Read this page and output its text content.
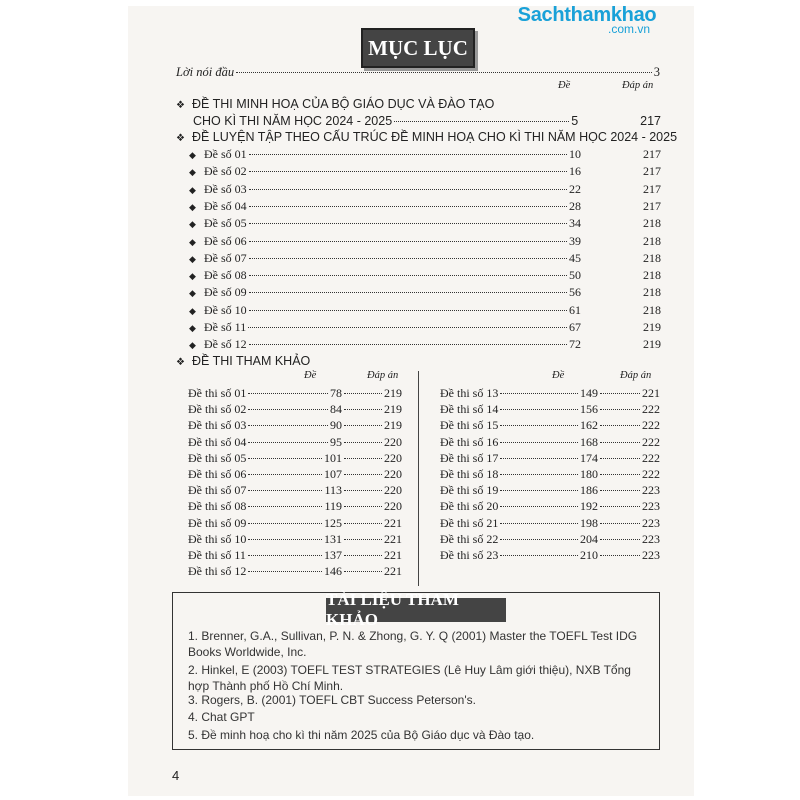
Sachthamkhao
.com.vn
MỤC LỤC
Lời nói đầu	3
Đề	Đáp án
❖ ĐỀ THI MINH HOẠ CỦA BỘ GIÁO DỤC VÀ ĐÀO TẠO
CHO KÌ THI NĂM HỌC 2024 - 2025	5	217
❖ ĐỀ LUYỆN TẬP THEO CẤU TRÚC ĐỀ MINH HOẠ CHO KÌ THI NĂM HỌC 2024 - 2025
Đề số 01	10	217
◆
Đề số 02	16	217
◆
Đề số 03	22	217
◆
Đề số 04	28	217
◆
Đề số 05	34	218
◆
Đề số 06	39	218
◆
Đề số 07	45	218
◆
Đề số 08	50	218
◆
Đề số 09	56	218
◆
Đề số 10	61	218
◆
Đề số 11	67	219
◆
Đề số 12	72	219
◆
❖ ĐỀ THI THAM KHẢO
Đề	Đáp án	Đề	Đáp án
Đề thi số 01	78	219
Đề thi số 02	84	219
Đề thi số 03	90	219
Đề thi số 04	95	220
Đề thi số 05	101	220
Đề thi số 06	107	220
Đề thi số 07	113	220
Đề thi số 08	119	220
Đề thi số 09	125	221
Đề thi số 10	131	221
Đề thi số 11	137	221
Đề thi số 12	146	221
Đề thi số 13	149	221
Đề thi số 14	156	222
Đề thi số 15	162	222
Đề thi số 16	168	222
Đề thi số 17	174	222
Đề thi số 18	180	222
Đề thi số 19	186	223
Đề thi số 20	192	223
Đề thi số 21	198	223
Đề thi số 22	204	223
Đề thi số 23	210	223
TÀI LIỆU THAM KHẢO
1. Brenner, G.A., Sullivan, P. N. & Zhong, G. Y. Q (2001) Master the TOEFL Test IDG Books Worldwide, Inc.
2. Hinkel, E (2003) TOEFL TEST STRATEGIES (Lê Huy Lâm giới thiệu), NXB Tổng hợp Thành phố Hồ Chí Minh.
3. Rogers, B. (2001) TOEFL CBT Success Peterson's.
4. Chat GPT
5. Đề minh hoạ cho kì thi năm 2025 của Bộ Giáo dục và Đào tạo.
4
